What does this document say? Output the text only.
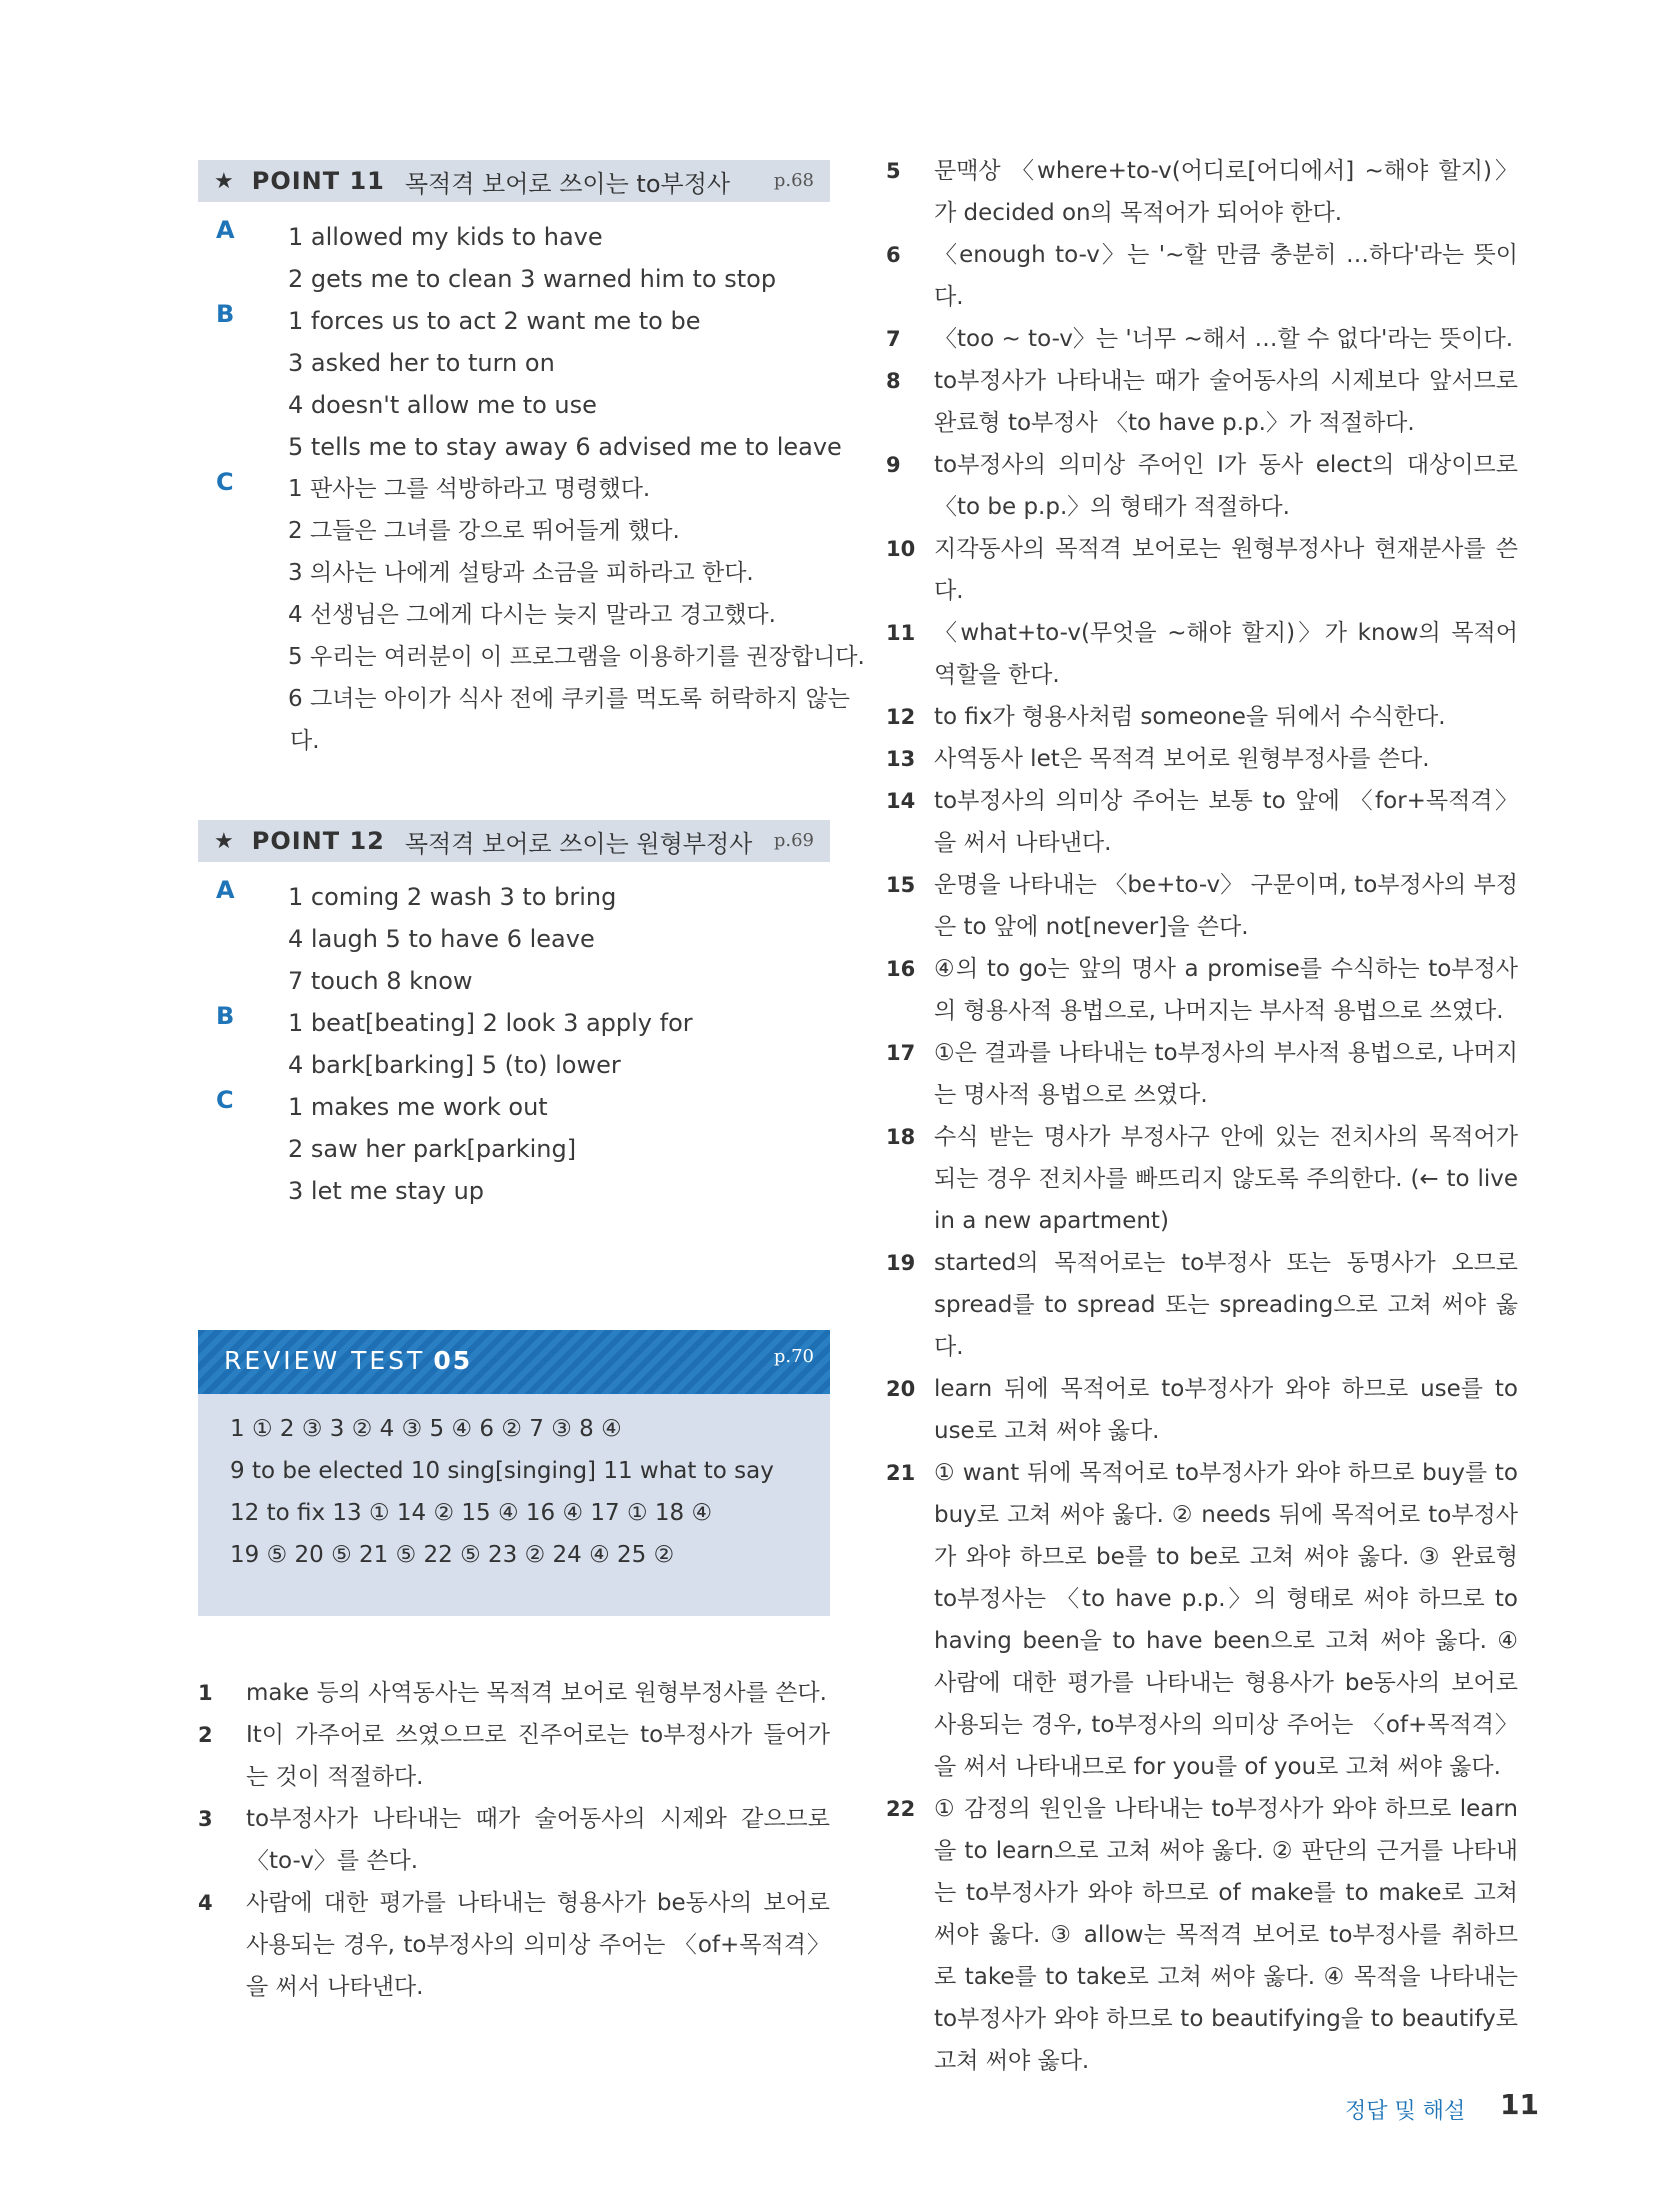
★ POINT 11 목적격 보어로 쓰이는 to부정사 p.68
A	1 allowed my kids to have
2 gets me to clean 3 warned him to stop
B	1 forces us to act 2 want me to be
3 asked her to turn on
4 doesn't allow me to use
5 tells me to stay away 6 advised me to leave
C	1 판사는 그를 석방하라고 명령했다.
2 그들은 그녀를 강으로 뛰어들게 했다.
3 의사는 나에게 설탕과 소금을 피하라고 한다.
4 선생님은 그에게 다시는 늦지 말라고 경고했다.
5 우리는 여러분이 이 프로그램을 이용하기를 권장합니다.
6 그녀는 아이가 식사 전에 쿠키를 먹도록 허락하지 않는
다.
★ POINT 12 목적격 보어로 쓰이는 원형부정사 p.69
A	1 coming 2 wash 3 to bring
4 laugh 5 to have 6 leave
7 touch 8 know
B	1 beat[beating] 2 look 3 apply for
4 bark[barking] 5 (to) lower
C	1 makes me work out
2 saw her park[parking]
3 let me stay up
REVIEW TEST 05	p.70
1 ① 2 ③ 3 ② 4 ③ 5 ④ 6 ② 7 ③ 8 ④
9 to be elected 10 sing[singing] 11 what to say
12 to fix 13 ① 14 ② 15 ④ 16 ④ 17 ① 18 ④
19 ⑤ 20 ⑤ 21 ⑤ 22 ⑤ 23 ② 24 ④ 25 ②
1 make 등의 사역동사는 목적격 보어로 원형부정사를 쓴다.
2 It이 가주어로 쓰였으므로 진주어로는 to부정사가 들어가는 것이 적절하다.
3 to부정사가 나타내는 때가 술어동사의 시제와 같으므로 〈to-v〉를 쓴다.
4 사람에 대한 평가를 나타내는 형용사가 be동사의 보어로 사용되는 경우, to부정사의 의미상 주어는 〈of+목적격〉을 써서 나타낸다.
5 문맥상 〈where+to-v(어디로[어디에서] ~해야 할지)〉가 decided on의 목적어가 되어야 한다.
6 〈enough to-v〉는 '~할 만큼 충분히 …하다'라는 뜻이다.
7 〈too ~ to-v〉는 '너무 ~해서 …할 수 없다'라는 뜻이다.
8 to부정사가 나타내는 때가 술어동사의 시제보다 앞서므로 완료형 to부정사 〈to have p.p.〉가 적절하다.
9 to부정사의 의미상 주어인 I가 동사 elect의 대상이므로 〈to be p.p.〉의 형태가 적절하다.
10 지각동사의 목적격 보어로는 원형부정사나 현재분사를 쓴다.
11 〈what+to-v(무엇을 ~해야 할지)〉가 know의 목적어 역할을 한다.
12 to fix가 형용사처럼 someone을 뒤에서 수식한다.
13 사역동사 let은 목적격 보어로 원형부정사를 쓴다.
14 to부정사의 의미상 주어는 보통 to 앞에 〈for+목적격〉을 써서 나타낸다.
15 운명을 나타내는 〈be+to-v〉 구문이며, to부정사의 부정은 to 앞에 not[never]을 쓴다.
16 ④의 to go는 앞의 명사 a promise를 수식하는 to부정사의 형용사적 용법으로, 나머지는 부사적 용법으로 쓰였다.
17 ①은 결과를 나타내는 to부정사의 부사적 용법으로, 나머지는 명사적 용법으로 쓰였다.
18 수식 받는 명사가 부정사구 안에 있는 전치사의 목적어가 되는 경우 전치사를 빠뜨리지 않도록 주의한다. (← to live in a new apartment)
19 started의 목적어로는 to부정사 또는 동명사가 오므로 spread를 to spread 또는 spreading으로 고쳐 써야 옳다.
20 learn 뒤에 목적어로 to부정사가 와야 하므로 use를 to use로 고쳐 써야 옳다.
21 ① want 뒤에 목적어로 to부정사가 와야 하므로 buy를 to buy로 고쳐 써야 옳다. ② needs 뒤에 목적어로 to부정사가 와야 하므로 be를 to be로 고쳐 써야 옳다. ③ 완료형 to부정사는 〈to have p.p.〉의 형태로 써야 하므로 to having been을 to have been으로 고쳐 써야 옳다. ④ 사람에 대한 평가를 나타내는 형용사가 be동사의 보어로 사용되는 경우, to부정사의 의미상 주어는 〈of+목적격〉을 써서 나타내므로 for you를 of you로 고쳐 써야 옳다.
22 ① 감정의 원인을 나타내는 to부정사가 와야 하므로 learn을 to learn으로 고쳐 써야 옳다. ② 판단의 근거를 나타내는 to부정사가 와야 하므로 of make를 to make로 고쳐 써야 옳다. ③ allow는 목적격 보어로 to부정사를 취하므로 take를 to take로 고쳐 써야 옳다. ④ 목적을 나타내는 to부정사가 와야 하므로 to beautifying을 to beautify로 고쳐 써야 옳다.
정답 및 해설 11
